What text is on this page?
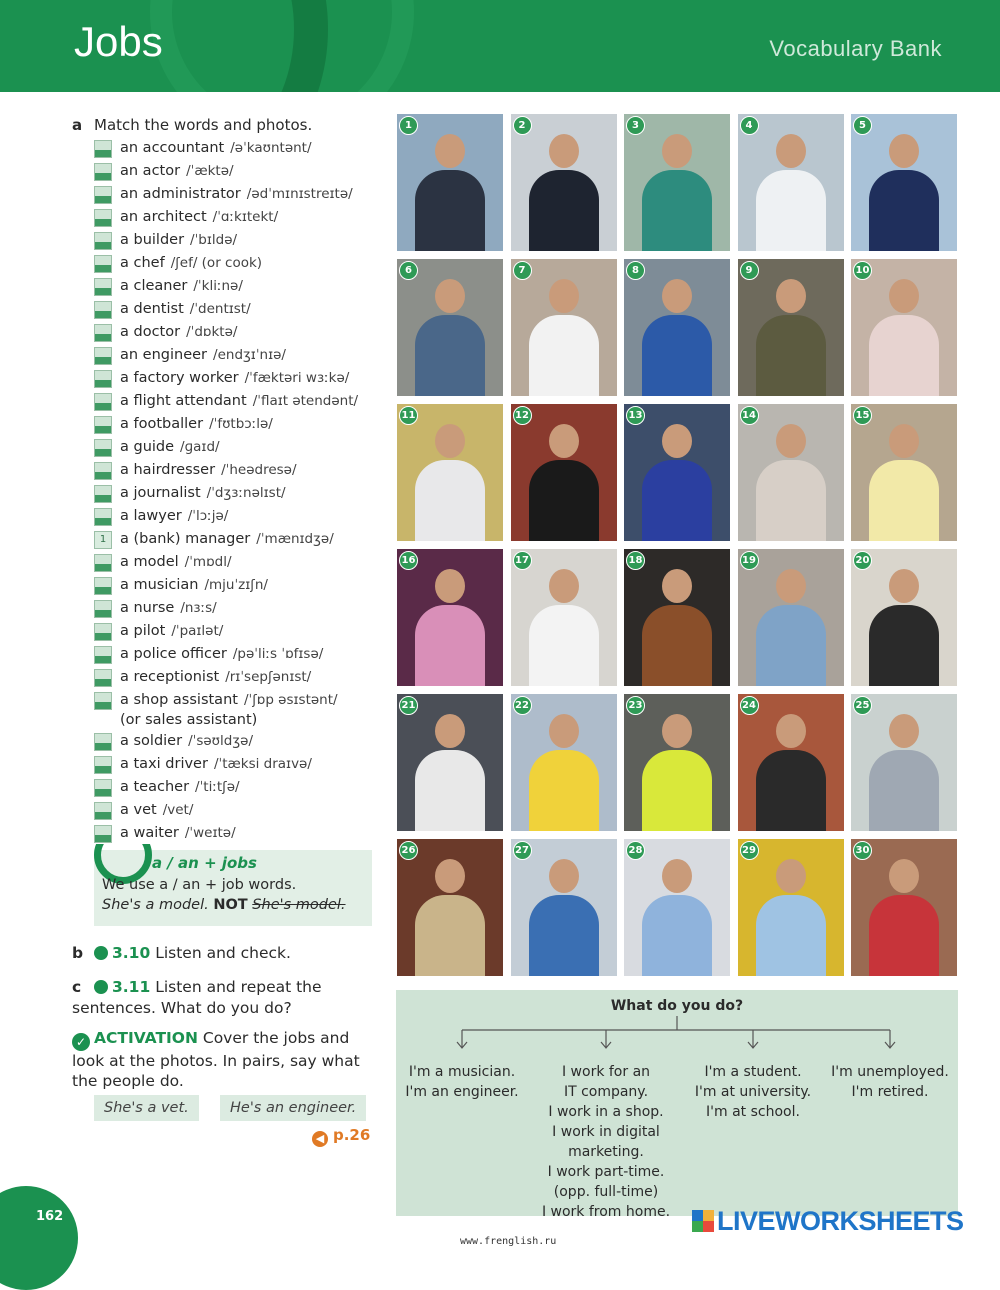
Jobs	Vocabulary Bank
a Match the words and photos.
an accountant /əˈkaʊntənt/
an actor /ˈæktə/
an administrator /ədˈmɪnɪstreɪtə/
an architect /ˈɑːkɪtekt/
a builder /ˈbɪldə/
a chef /ʃef/ (or cook)
a cleaner /ˈkliːnə/
a dentist /ˈdentɪst/
a doctor /ˈdɒktə/
an engineer /endʒɪˈnɪə/
a factory worker /ˈfæktəri wɜːkə/
a flight attendant /ˈflaɪt ətendənt/
a footballer /ˈfʊtbɔːlə/
a guide /ɡaɪd/
a hairdresser /ˈheədresə/
a journalist /ˈdʒɜːnəlɪst/
a lawyer /ˈlɔːjə/
1 a (bank) manager /ˈmænɪdʒə/
a model /ˈmɒdl/
a musician /mjuˈzɪʃn/
a nurse /nɜːs/
a pilot /ˈpaɪlət/
a police officer /pəˈliːs ˈɒfɪsə/
a receptionist /rɪˈsepʃənɪst/
a shop assistant /ˈʃɒp əsɪstənt/
(or sales assistant)
a soldier /ˈsəʊldʒə/
a taxi driver /ˈtæksi draɪvə/
a teacher /ˈtiːtʃə/
a vet /vet/
a waiter /ˈweɪtə/
a / an + jobs
We use a / an + job words.
She's a model. NOT She's model.
b 3.10 Listen and check.
c 3.11 Listen and repeat the sentences. What do you do?
✓ ACTIVATION Cover the jobs and look at the photos. In pairs, say what the people do.
She's a vet.	He's an engineer.
◀ p.26
1	2	3	4	5
6	7	8	9	10
11	12	13	14	15
16	17	18	19	20
21	22	23	24	25
26	27	28	29	30
What do you do?

I'm a musician.

I'm an engineer.

I work for an

IT company.

I work in a shop.

I work in digital

marketing.

I work part-time.

(opp. full-time)

I work from home.

I'm a student.

I'm at university.

I'm at school.

I'm unemployed.

I'm retired.

162
www.frenglish.ru
LIVEWORKSHEETS
